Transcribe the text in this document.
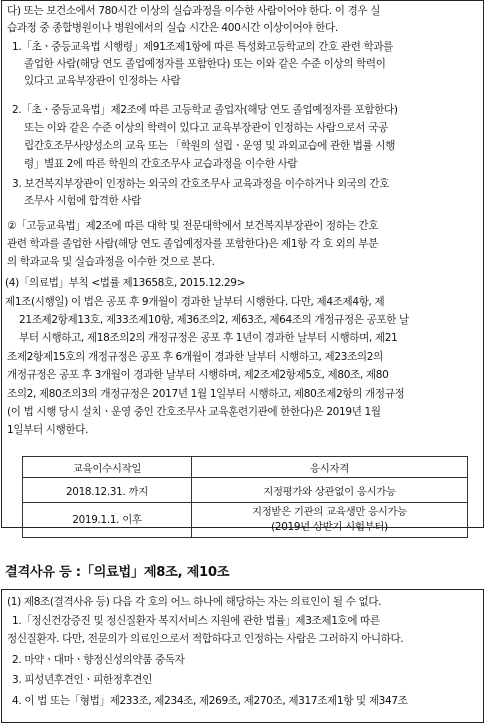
다) 또는 보건소에서 780시간 이상의 실습과정을 이수한 사람이어야 한다. 이 경우 실
습과정 중 종합병원이나 병원에서의 실습 시간은 400시간 이상이어야 한다.
1.「초ㆍ중등교육법 시행령」제91조제1항에 따른 특성화고등학교의 간호 관련 학과를
졸업한 사람(해당 연도 졸업예정자를 포함한다) 또는 이와 같은 수준 이상의 학력이
있다고 교육부장관이 인정하는 사람
2.「초ㆍ중등교육법」제2조에 따른 고등학교 졸업자(해당 연도 졸업예정자를 포함한다)
또는 이와 같은 수준 이상의 학력이 있다고 교육부장관이 인정하는 사람으로서 국공
립간호조무사양성소의 교육 또는 「학원의 설립ㆍ운영 및 과외교습에 관한 법률 시행
령」별표 2에 따른 학원의 간호조무사 교습과정을 이수한 사람
3. 보건복지부장관이 인정하는 외국의 간호조무사 교육과정을 이수하거나 외국의 간호
조무사 시험에 합격한 사람
②「고등교육법」제2조에 따른 대학 및 전문대학에서 보건복지부장관이 정하는 간호
관련 학과를 졸업한 사람(해당 연도 졸업예정자를 포함한다)은 제1항 각 호 외의 부분
의 학과교육 및 실습과정을 이수한 것으로 본다.
(4)「의료법」부칙 <법률 제13658호, 2015.12.29>
제1조(시행일) 이 법은 공포 후 9개월이 경과한 날부터 시행한다. 다만, 제4조제4항, 제
21조제2항제13호, 제33조제10항, 제36조의2, 제63조, 제64조의 개정규정은 공포한 날
부터 시행하고, 제18조의2의 개정규정은 공포 후 1년이 경과한 날부터 시행하며, 제21
조제2항제15호의 개정규정은 공포 후 6개월이 경과한 날부터 시행하고, 제23조의2의
개정규정은 공포 후 3개월이 경과한 날부터 시행하며, 제2조제2항제5호, 제80조, 제80
조의2, 제80조의3의 개정규정은 2017년 1월 1일부터 시행하고, 제80조제2항의 개정규정
(이 법 시행 당시 설치ㆍ운영 중인 간호조무사 교육훈련기관에 한한다)은 2019년 1월
1일부터 시행한다.
교육이수시작일	응시자격
2018.12.31. 까지	지정평가와 상관없이 응시가능
2019.1.1. 이후	지정받은 기관의 교육생만 응시가능
(2019년 상반기 시험부터)
결격사유 등 :「의료법」제8조, 제10조
(1) 제8조(결격사유 등) 다음 각 호의 어느 하나에 해당하는 자는 의료인이 될 수 없다.
1.「정신건강증진 및 정신질환자 복지서비스 지원에 관한 법률」제3조제1호에 따른
정신질환자. 다만, 전문의가 의료인으로서 적합하다고 인정하는 사람은 그러하지 아니하다.
2. 마약ㆍ대마ㆍ향정신성의약품 중독자
3. 피성년후견인ㆍ피한정후견인
4. 이 법 또는「형법」제233조, 제234조, 제269조, 제270조, 제317조제1항 및 제347조
